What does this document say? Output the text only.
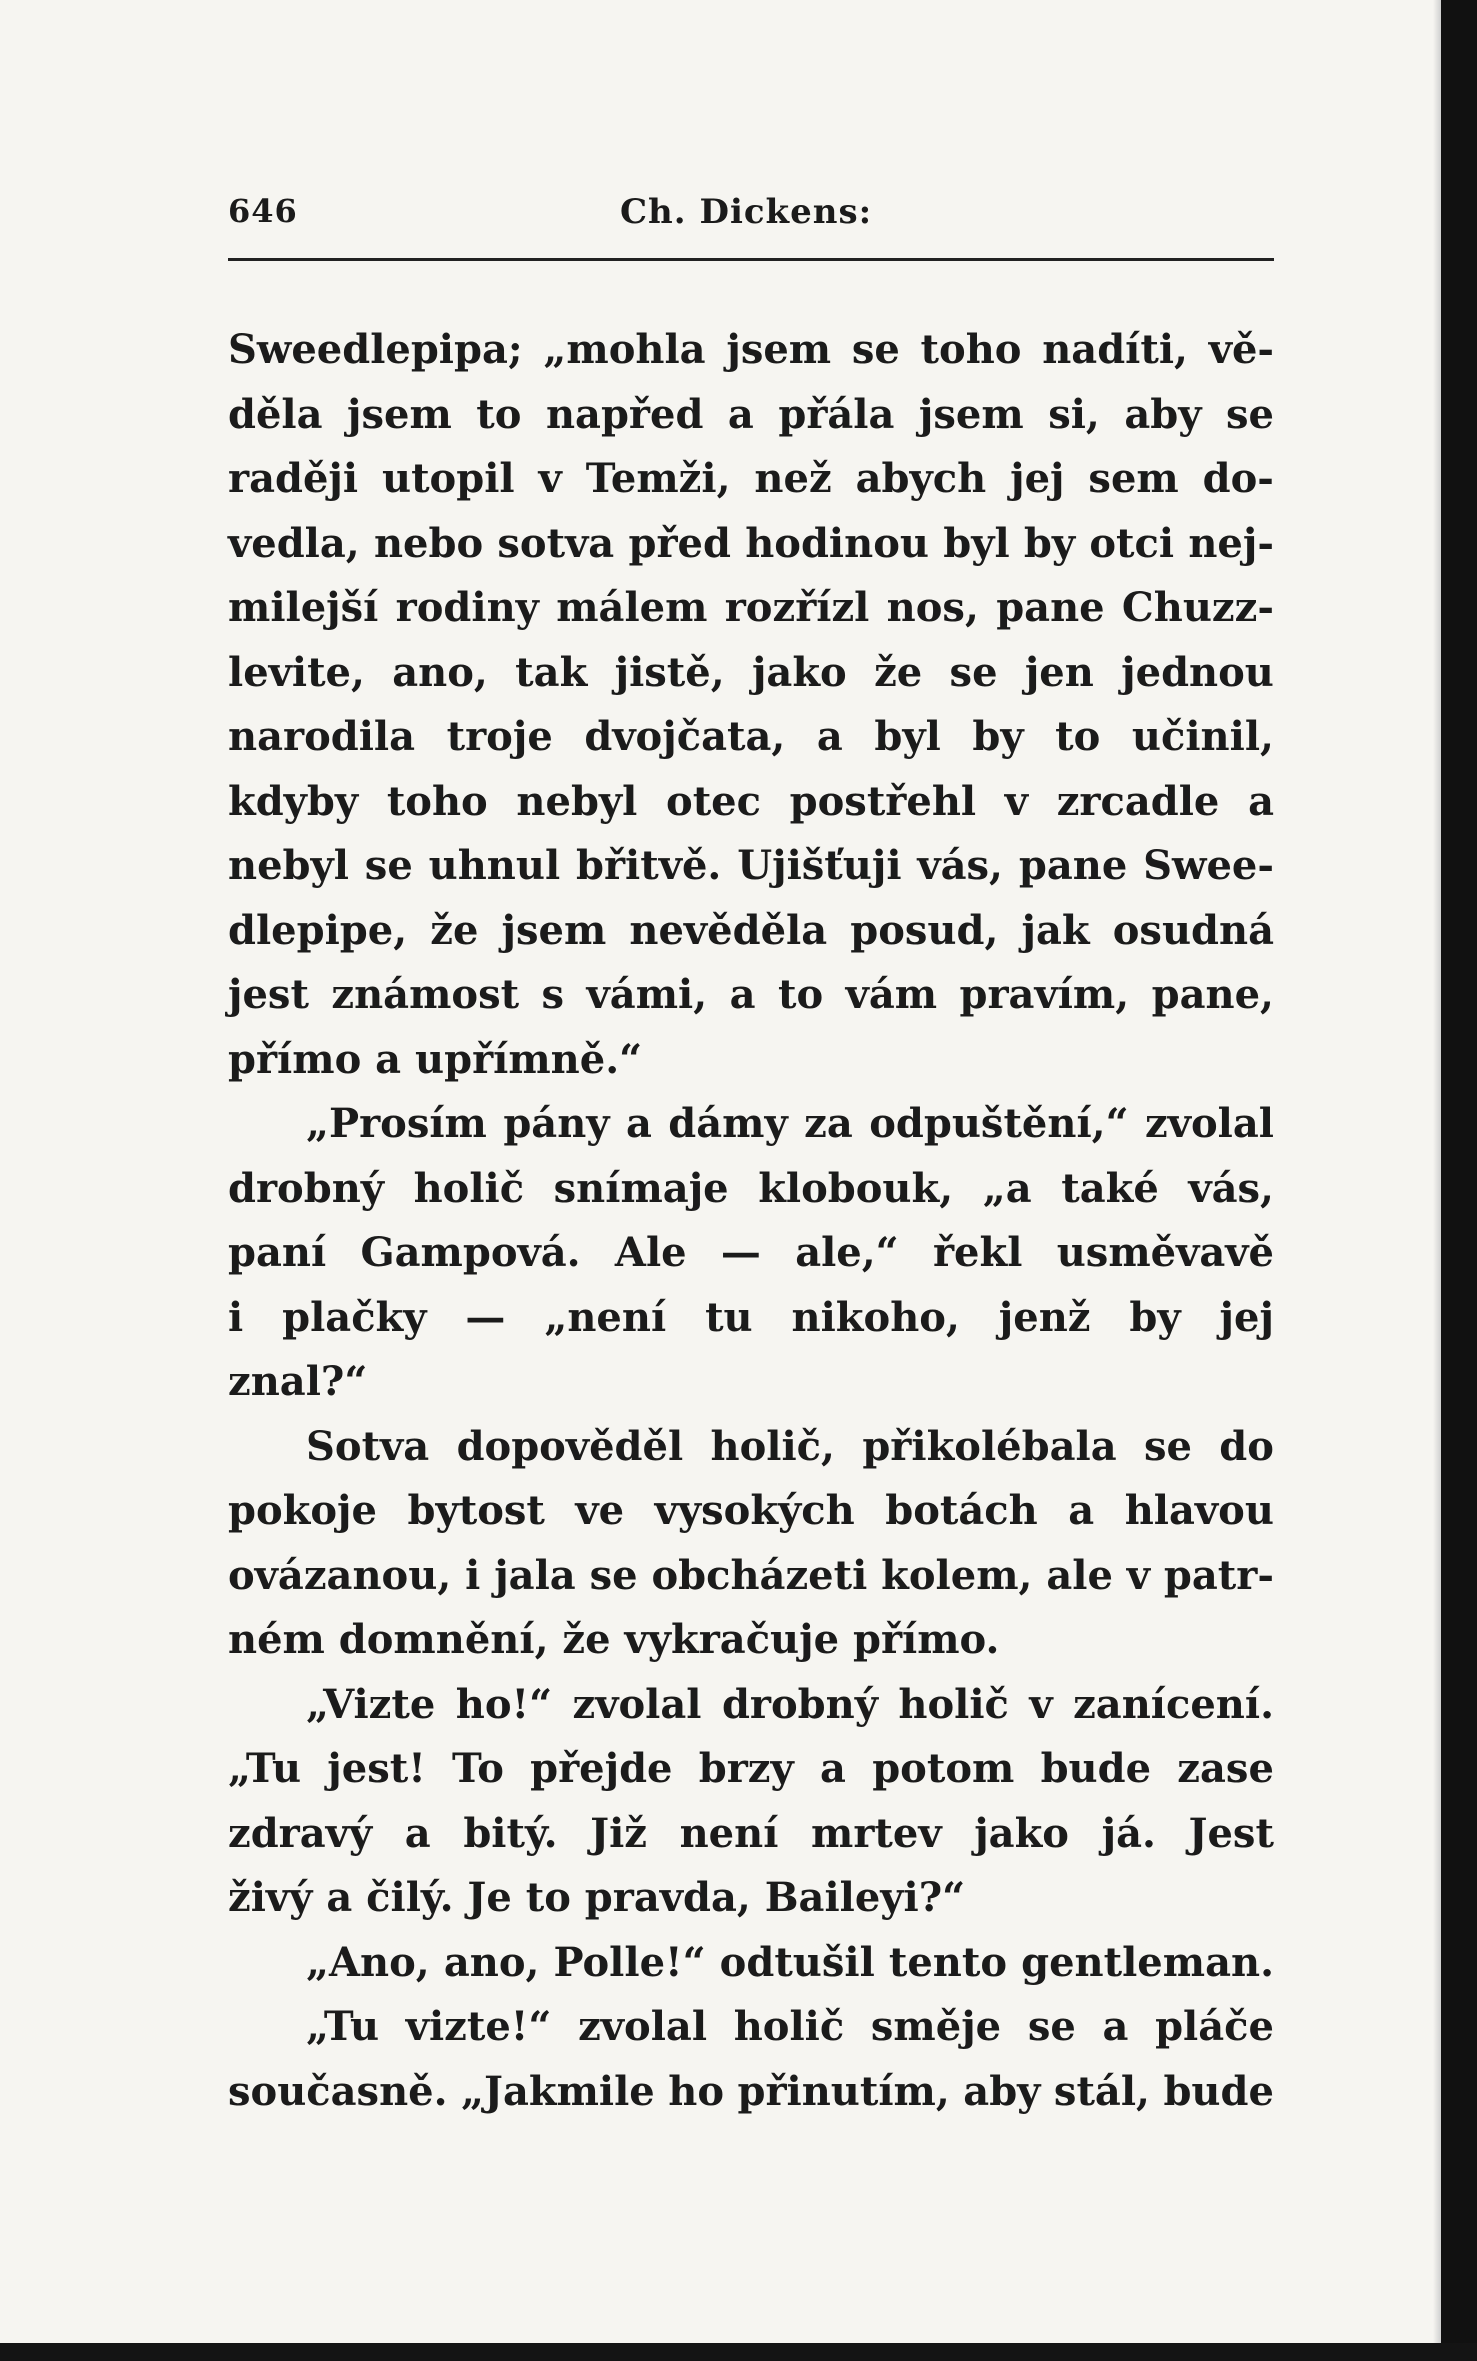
646	Ch. Dickens:
Sweedlepipa; „mohla jsem se toho nadíti, vě-
děla jsem to napřed a přála jsem si, aby se
raději utopil v Temži, než abych jej sem do-
vedla, nebo sotva před hodinou byl by otci nej-
milejší rodiny málem rozřízl nos, pane Chuzz-
levite, ano, tak jistě, jako že se jen jednou
narodila troje dvojčata, a byl by to učinil,
kdyby toho nebyl otec postřehl v zrcadle a
nebyl se uhnul břitvě. Ujišťuji vás, pane Swee-
dlepipe, že jsem nevěděla posud, jak osudná
jest známost s vámi, a to vám pravím, pane,
přímo a upřímně.“
„Prosím pány a dámy za odpuštění,“ zvolal
drobný holič snímaje klobouk, „a také vás,
paní Gampová. Ale — ale,“ řekl usměvavě
i plačky — „není tu nikoho, jenž by jej
znal?“
Sotva dopověděl holič, přikolébala se do
pokoje bytost ve vysokých botách a hlavou
ovázanou, i jala se obcházeti kolem, ale v patr-
ném domnění, že vykračuje přímo.
„Vizte ho!“ zvolal drobný holič v zanícení.
„Tu jest! To přejde brzy a potom bude zase
zdravý a bitý. Již není mrtev jako já. Jest
živý a čilý. Je to pravda, Baileyi?“
„Ano, ano, Polle!“ odtušil tento gentleman.
„Tu vizte!“ zvolal holič směje se a pláče
současně. „Jakmile ho přinutím, aby stál, bude
